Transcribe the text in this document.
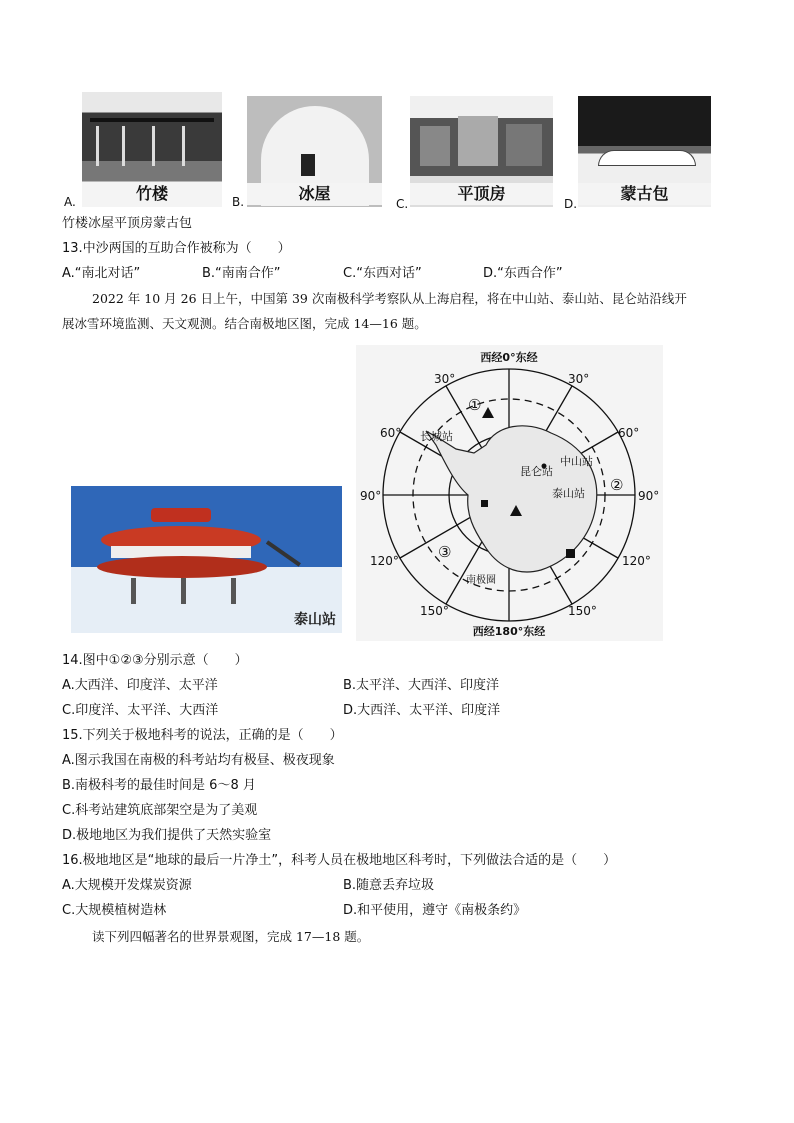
竹楼
A.	冰屋
B.	平顶房
C.
蒙古包
D.
竹楼冰屋平顶房蒙古包
13.中沙两国的互助合作被称为（　　）
A.“南北对话”	B.“南南合作”	C.“东西对话”	D.“东西合作”
2022 年 10 月 26 日上午，中国第 39 次南极科学考察队从上海启程，将在中山站、泰山站、昆仑站沿线开
展冰雪环境监测、天文观测。结合南极地区图，完成 14—16 题。
泰山站
西经0°东经
西经180°东经
30°	30°
60°	60°
90°	90°
120°	120°
150°	150°
①
②
③
长城站
中山站
昆仑站
泰山站
南极圈
14.图中①②③分别示意（　　）
A.大西洋、印度洋、太平洋	B.太平洋、大西洋、印度洋
C.印度洋、太平洋、大西洋	D.大西洋、太平洋、印度洋
15.下列关于极地科考的说法，正确的是（　　）
A.图示我国在南极的科考站均有极昼、极夜现象
B.南极科考的最佳时间是 6～8 月
C.科考站建筑底部架空是为了美观
D.极地地区为我们提供了天然实验室
16.极地地区是“地球的最后一片净土”，科考人员在极地地区科考时，下列做法合适的是（　　）
A.大规模开发煤炭资源	B.随意丢弃垃圾
C.大规模植树造林	D.和平使用，遵守《南极条约》
读下列四幅著名的世界景观图，完成 17—18 题。
